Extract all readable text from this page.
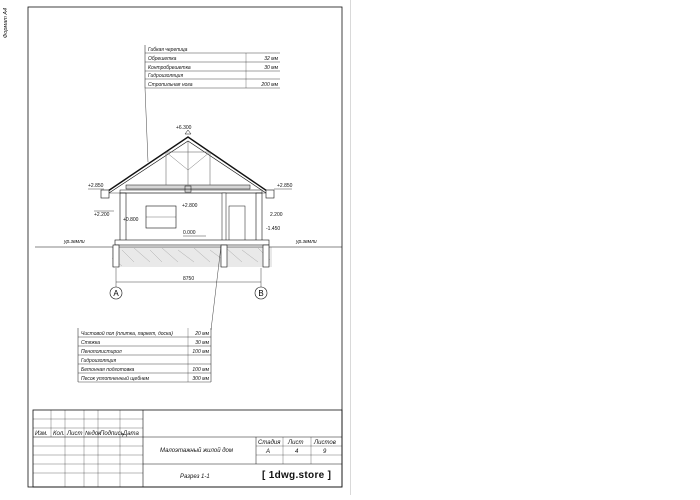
Формат А4
Гибкая черепица
Обрешетка	32 мм
Контробрешетка	30 мм
Гидроизоляция
Стропильная нога	200 мм
+6.300
+2.850	+2.850
+2.800
+2.200	2.200
+0.800
0.000
-1.450
ур.земли	ур.земли
8750
A	B
Чистовой пол (плитка, паркет, доска)	20 мм
Стяжка	30 мм
Пенополистирол	100 мм
Гидроизоляция
Бетонная подготовка	100 мм
Песок уплотненный щебнем	300 мм
Изм. Кол. Лист №док Подпись Дата
Малоэтажный жилой дом
Разрез 1-1
Стадия Лист Листов
А	4	9
[ 1dwg.store ]
